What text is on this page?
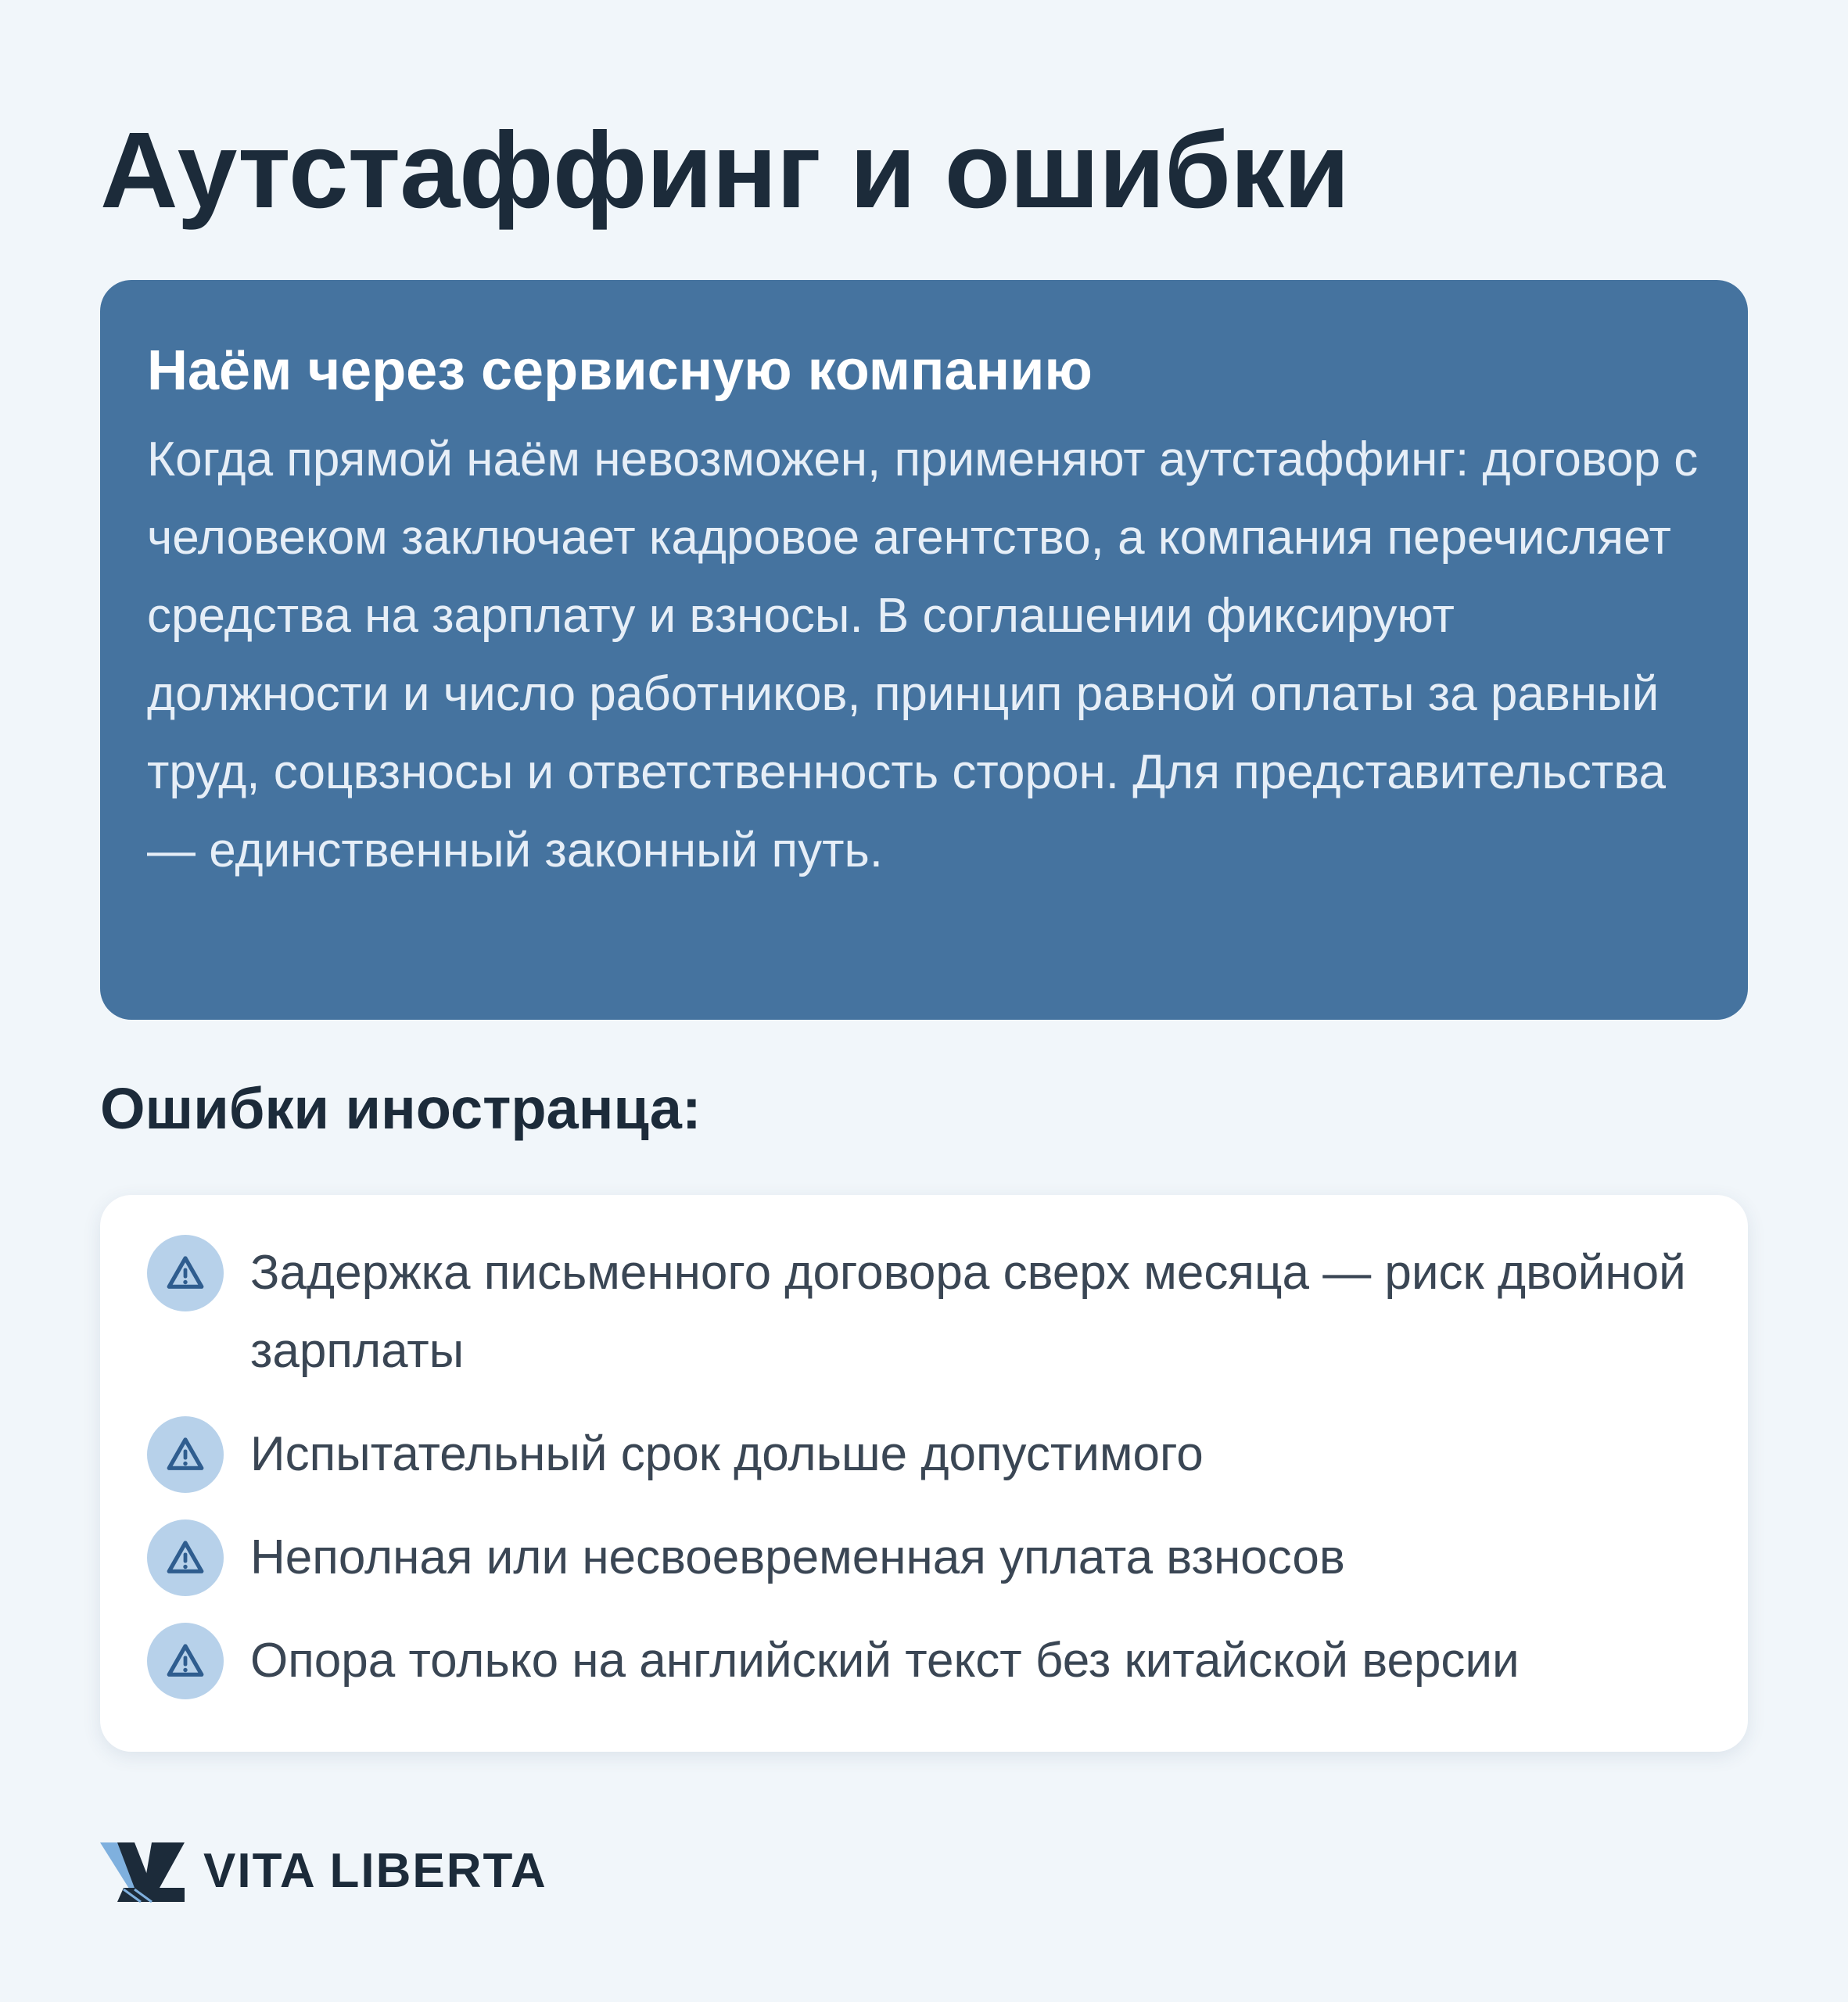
Аутстаффинг и ошибки
Наём через сервисную компанию

Когда прямой наём невозможен, применяют аутстаффинг: договор с человеком заключает кадровое агентство, а компания перечисляет средства на зарплату и взносы. В соглашении фиксируют должности и число работников, принцип равной оплаты за равный труд, соцвзносы и ответственность сторон. Для представительства — единственный законный путь.

Ошибки иностранца:
Задержка письменного договора сверх месяца — риск двойной зарплаты
Испытательный срок дольше допустимого
Неполная или несвоевременная уплата взносов
Опора только на английский текст без китайской версии
VITA LIBERTA
